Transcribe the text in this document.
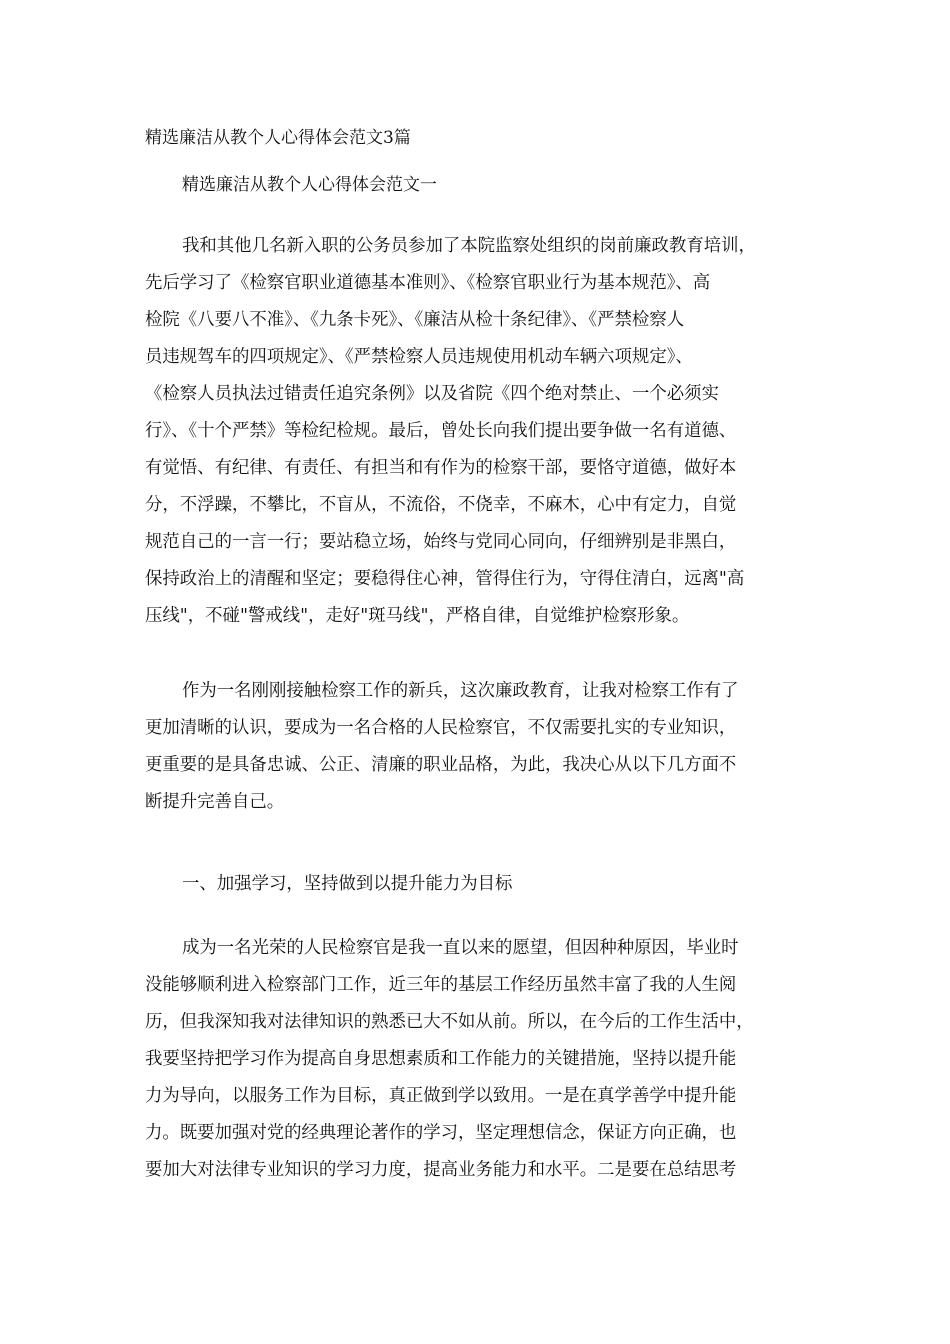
精选廉洁从教个人心得体会范文3篇
精选廉洁从教个人心得体会范文一
我和其他几名新入职的公务员参加了本院监察处组织的岗前廉政教育培训，
先后学习了《检察官职业道德基本准则》、《检察官职业行为基本规范》、高
检院《八要八不准》、《九条卡死》、《廉洁从检十条纪律》、《严禁检察人
员违规驾车的四项规定》、《严禁检察人员违规使用机动车辆六项规定》、
《检察人员执法过错责任追究条例》以及省院《四个绝对禁止、一个必须实
行》、《十个严禁》等检纪检规。最后，曾处长向我们提出要争做一名有道德、
有觉悟、有纪律、有责任、有担当和有作为的检察干部，要恪守道德，做好本
分，不浮躁，不攀比，不盲从，不流俗，不侥幸，不麻木，心中有定力，自觉
规范自己的一言一行；要站稳立场，始终与党同心同向，仔细辨别是非黑白，
保持政治上的清醒和坚定；要稳得住心神，管得住行为，守得住清白，远离"高
压线"，不碰"警戒线"，走好"斑马线"，严格自律，自觉维护检察形象。
作为一名刚刚接触检察工作的新兵，这次廉政教育，让我对检察工作有了
更加清晰的认识，要成为一名合格的人民检察官，不仅需要扎实的专业知识，
更重要的是具备忠诚、公正、清廉的职业品格，为此，我决心从以下几方面不
断提升完善自己。
一、加强学习，坚持做到以提升能力为目标
成为一名光荣的人民检察官是我一直以来的愿望，但因种种原因，毕业时
没能够顺利进入检察部门工作，近三年的基层工作经历虽然丰富了我的人生阅
历，但我深知我对法律知识的熟悉已大不如从前。所以，在今后的工作生活中，
我要坚持把学习作为提高自身思想素质和工作能力的关键措施，坚持以提升能
力为导向，以服务工作为目标，真正做到学以致用。一是在真学善学中提升能
力。既要加强对党的经典理论著作的学习，坚定理想信念，保证方向正确，也
要加大对法律专业知识的学习力度，提高业务能力和水平。二是要在总结思考
